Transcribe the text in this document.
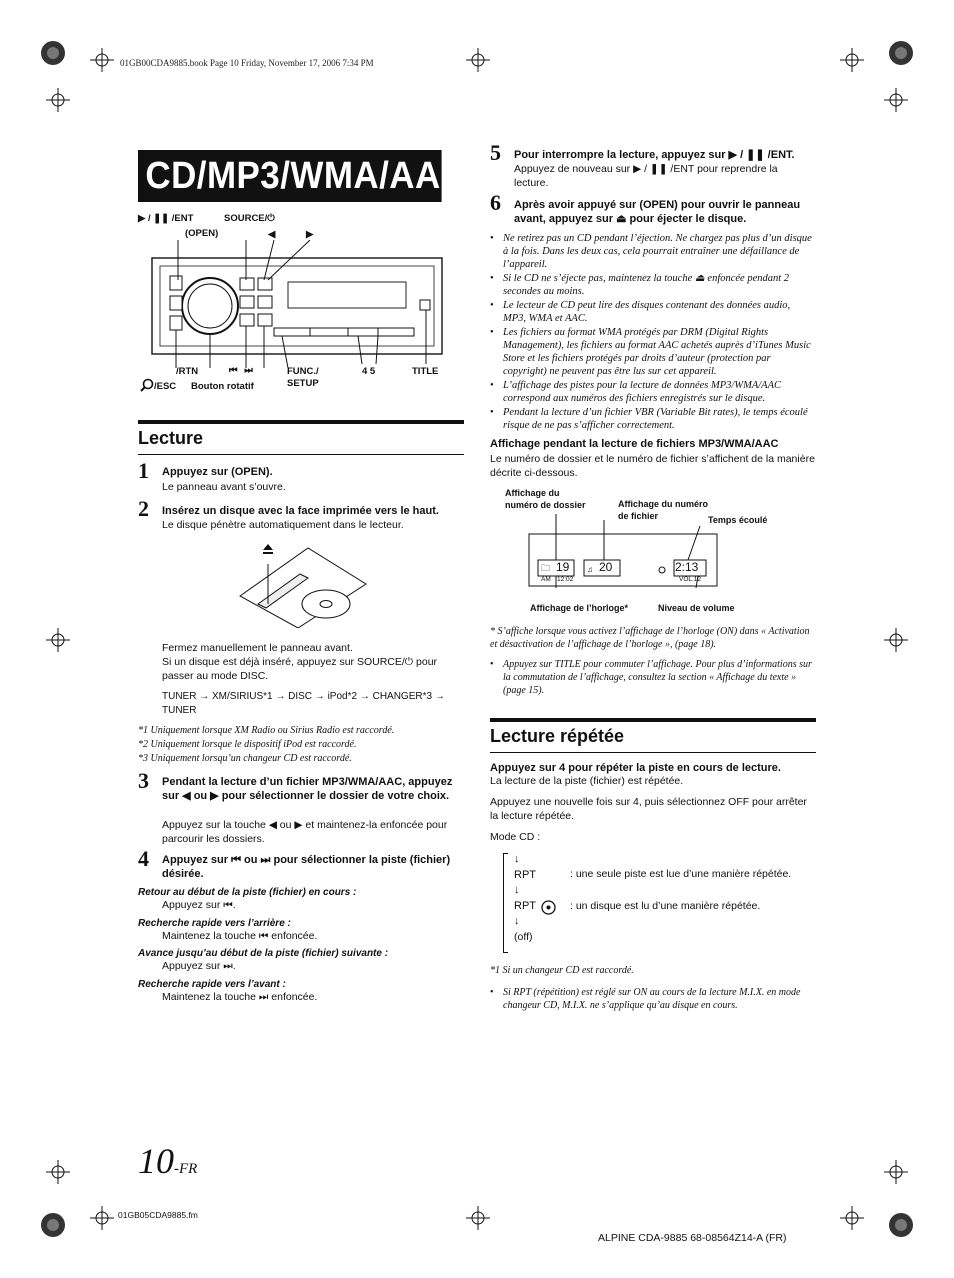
01GB00CDA9885.book Page 10 Friday, November 17, 2006 7:34 PM
CD/MP3/WMA/AAC
▶ / ❚❚ /ENT
(OPEN)
SOURCE/⏻
◀	▶
/RTN
/ESC Bouton rotatif
⏮ ⏭	FUNC./
SETUP
4 5	TITLE
Lecture
1 Appuyez sur (OPEN).
Le panneau avant s’ouvre.
2 Insérez un disque avec la face imprimée vers le haut.
Le disque pénètre automatiquement dans le lecteur.
Fermez manuellement le panneau avant.
Si un disque est déjà inséré, appuyez sur SOURCE/⏻ pour passer au mode DISC.
TUNER → XM/SIRIUS*1 → DISC → iPod*2 → CHANGER*3 → TUNER
*1 Uniquement lorsque XM Radio ou Sirius Radio est raccordé.
*2 Uniquement lorsque le dispositif iPod est raccordé.
*3 Uniquement lorsqu’un changeur CD est raccordé.
3 Pendant la lecture d’un fichier MP3/WMA/AAC, appuyez sur ◀ ou ▶ pour sélectionner le dossier de votre choix.
Appuyez sur la touche ◀ ou ▶ et maintenez-la enfoncée pour parcourir les dossiers.
4 Appuyez sur ⏮ ou ⏭ pour sélectionner la piste (fichier) désirée.
Retour au début de la piste (fichier) en cours :
Appuyez sur ⏮.
Recherche rapide vers l’arrière :
Maintenez la touche ⏮ enfoncée.
Avance jusqu’au début de la piste (fichier) suivante :
Appuyez sur ⏭.
Recherche rapide vers l’avant :
Maintenez la touche ⏭ enfoncée.
5 Pour interrompre la lecture, appuyez sur ▶ / ❚❚ /ENT.
Appuyez de nouveau sur ▶ / ❚❚ /ENT pour reprendre la lecture.
6 Après avoir appuyé sur (OPEN) pour ouvrir le panneau avant, appuyez sur ⏏ pour éjecter le disque.
• Ne retirez pas un CD pendant l’éjection. Ne chargez pas plus d’un disque à la fois. Dans les deux cas, cela pourrait entraîner une défaillance de l’appareil.
• Si le CD ne s’éjecte pas, maintenez la touche ⏏ enfoncée pendant 2 secondes au moins.
• Le lecteur de CD peut lire des disques contenant des données audio, MP3, WMA et AAC.
• Les fichiers au format WMA protégés par DRM (Digital Rights Management), les fichiers au format AAC achetés auprès d’iTunes Music Store et les fichiers protégés par droits d’auteur (protection par copyright) ne peuvent pas être lus sur cet appareil.
• L’affichage des pistes pour la lecture de données MP3/WMA/AAC correspond aux numéros des fichiers enregistrés sur le disque.
• Pendant la lecture d’un fichier VBR (Variable Bit rates), le temps écoulé risque de ne pas s’afficher correctement.
Affichage pendant la lecture de fichiers MP3/WMA/AAC
Le numéro de dossier et le numéro de fichier s’affichent de la manière décrite ci-dessous.
Affichage du
numéro de dossier	Affichage du numéro
de fichier	Temps écoulé
🗀 19 ♫ 20	2:13
AM 12:02	VOL.12
Affichage de l’horloge*	Niveau de volume
* S’affiche lorsque vous activez l’affichage de l’horloge (ON) dans « Activation et désactivation de l’affichage de l’horloge », (page 18).
• Appuyez sur TITLE pour commuter l’affichage. Pour plus d’informations sur la commutation de l’affichage, consultez la section « Affichage du texte » (page 15).
Lecture répétée
Appuyez sur 4 pour répéter la piste en cours de lecture.
La lecture de la piste (fichier) est répétée.
Appuyez une nouvelle fois sur 4, puis sélectionnez OFF pour arrêter la lecture répétée.
Mode CD :
↓
RPT	: une seule piste est lue d’une manière répétée.
↓
RPT	: un disque est lu d’une manière répétée.
↓
(off)
*1 Si un changeur CD est raccordé.
• Si RPT (répétition) est réglé sur ON au cours de la lecture M.I.X. en mode changeur CD, M.I.X. ne s’applique qu’au disque en cours.
10-FR
01GB05CDA9885.fm
ALPINE CDA-9885 68-08564Z14-A (FR)
